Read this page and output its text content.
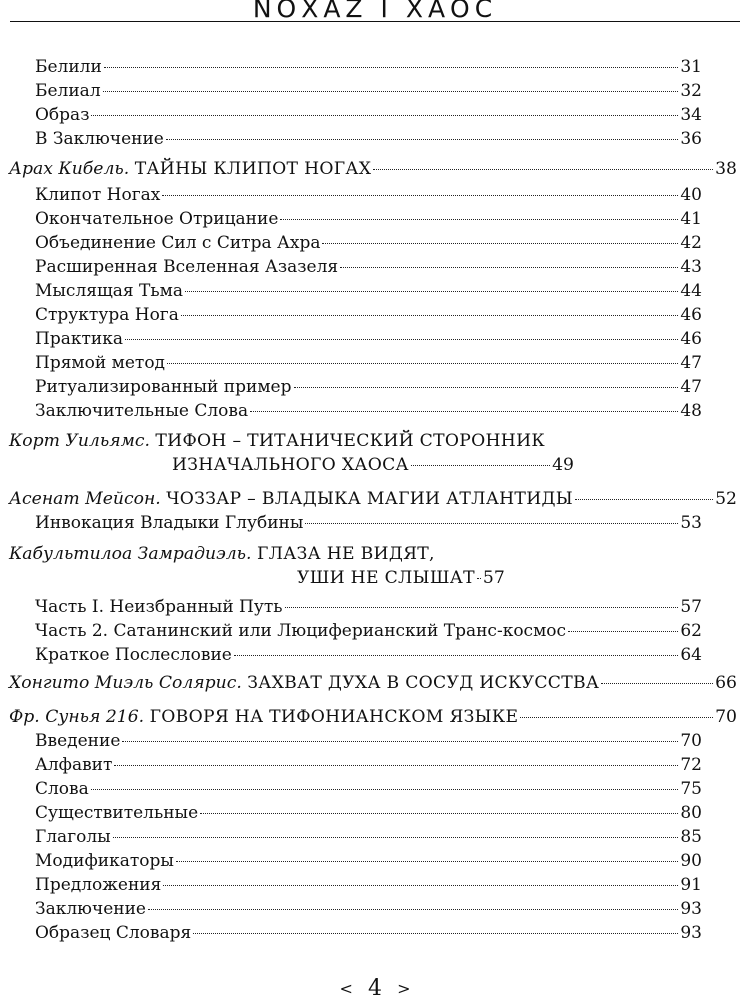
ΝΟΧΑΖ Ι ΧΑΟС
Белили	31
Белиал	32
Образ	34
В Заключение	36
Арах Кибель.
ТАЙНЫ КЛИПОТ НОГАХ	38
Клипот Ногах	40
Окончательное Отрицание	41
Объединение Сил с Ситра Ахра	42
Расширенная Вселенная Азазеля	43
Мыслящая Тьма	44
Структура Нога	46
Практика	46
Прямой метод	47
Ритуализированный пример	47
Заключительные Слова	48
Корт Уильямс.
ТИФОН – ТИТАНИЧЕСКИЙ СТОРОННИК
ИЗНАЧАЛЬНОГО ХАОСА	49
Асенат Мейсон.
ЧОЗЗАР – ВЛАДЫКА МАГИИ АТЛАНТИДЫ	52
Инвокация Владыки Глубины	53
Кабультилоа Замрадиэль.
ГЛАЗА НЕ ВИДЯТ,
УШИ НЕ СЛЫШАТ 57
Часть I. Неизбранный Путь	57
Часть 2. Сатанинский или Люциферианский Транс-космос	62
Краткое Послесловие	64
Хонгито Миэль Солярис.
ЗАХВАТ ДУХА В СОСУД ИСКУССТВА	66
Фр. Сунья 216.
ГОВОРЯ НА ТИФОНИАНСКОМ ЯЗЫКЕ	70
Введение	70
Алфавит	72
Слова	75
Существительные	80
Глаголы	85
Модификаторы	90
Предложения	91
Заключение	93
Образец Словаря	93
< 4 >
